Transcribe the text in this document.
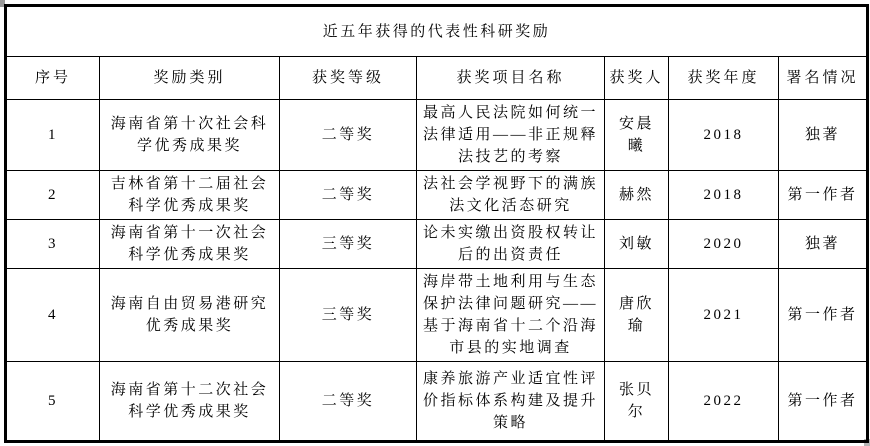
近五年获得的代表性科研奖励						
序号	奖励类别	获奖等级	获奖项目名称	获奖人	获奖年度	署名情况
1	海南省第十次社会科学优秀成果奖	二等奖	最高人民法院如何统一法律适用——非正规释法技艺的考察	安晨曦	2018	独著
2	吉林省第十二届社会科学优秀成果奖	二等奖	法社会学视野下的满族法文化活态研究	赫然	2018	第一作者
3	海南省第十一次社会科学优秀成果奖	三等奖	论未实缴出资股权转让后的出资责任	刘敏	2020	独著
4	海南自由贸易港研究优秀成果奖	三等奖	海岸带土地利用与生态保护法律问题研究——基于海南省十二个沿海市县的实地调查	唐欣瑜	2021	第一作者
5	海南省第十二次社会科学优秀成果奖	二等奖	康养旅游产业适宜性评价指标体系构建及提升策略	张贝尔	2022	第一作者
